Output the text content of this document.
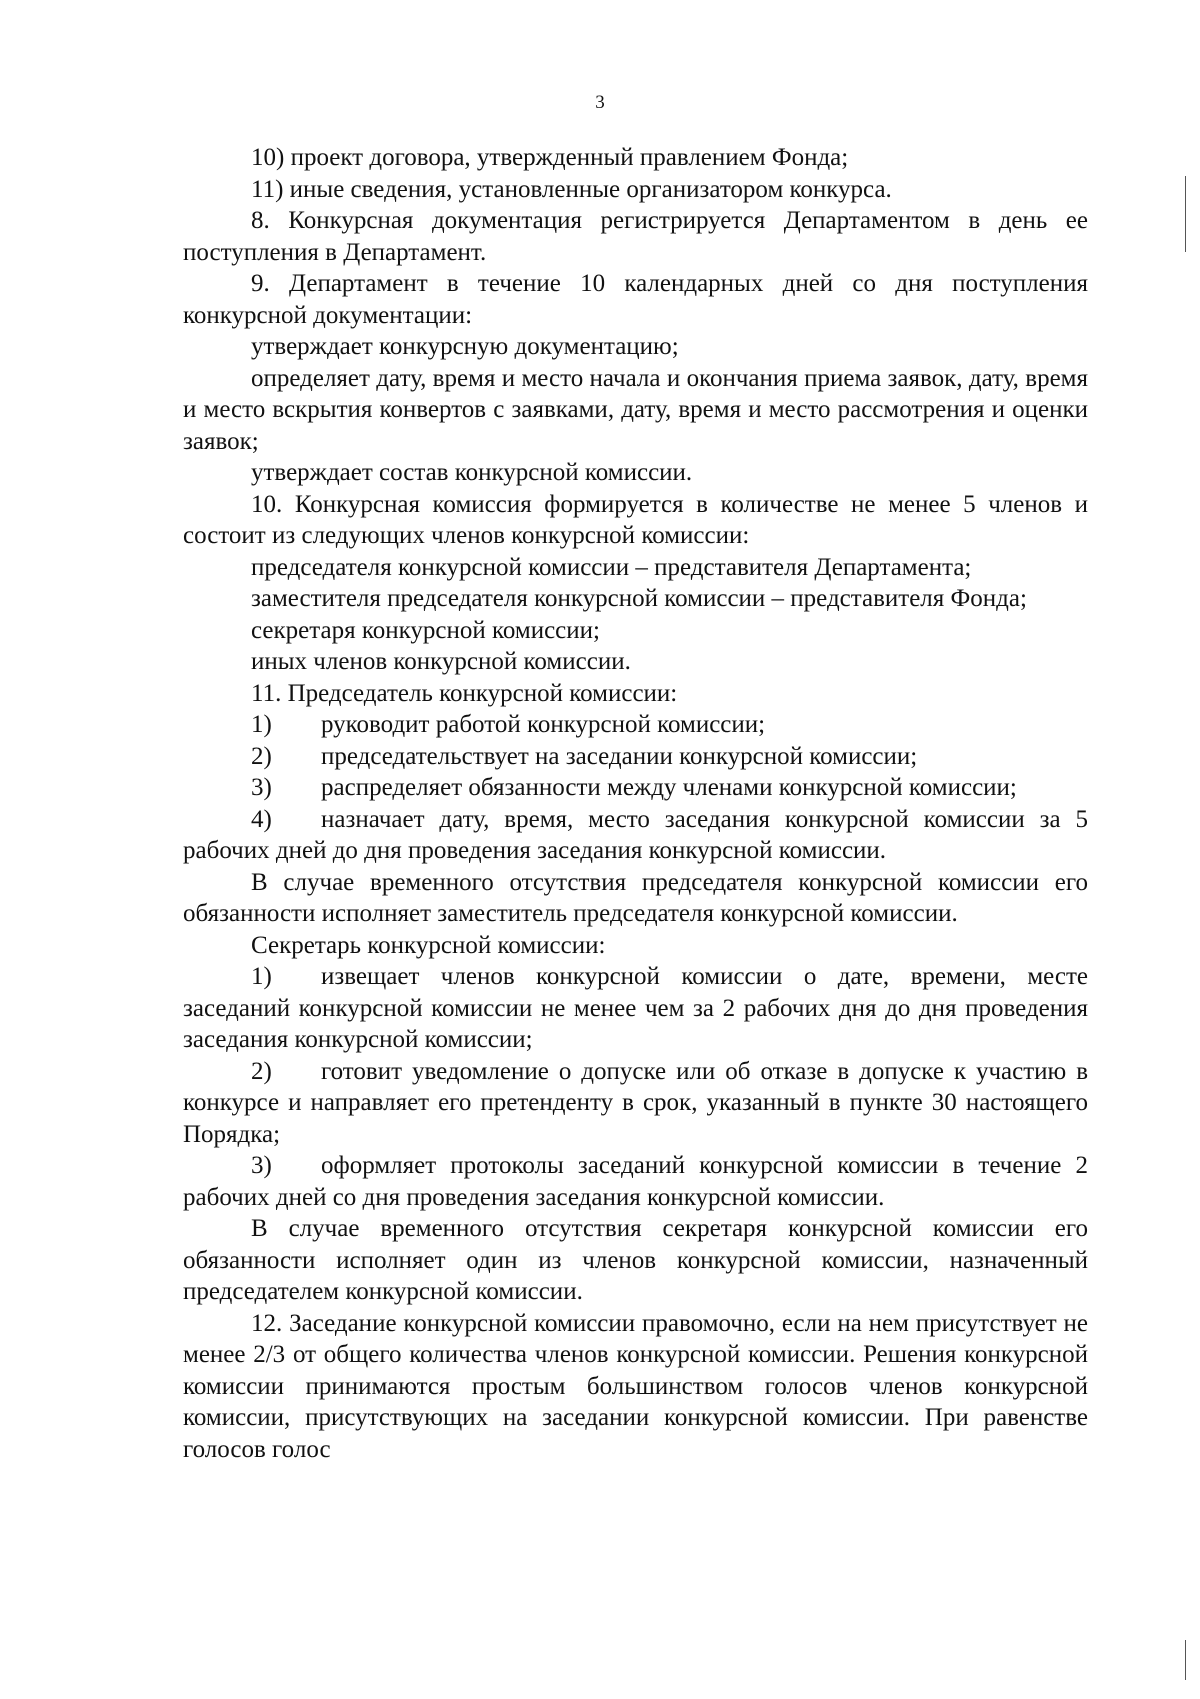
3

10) проект договора, утвержденный правлением Фонда;

11) иные сведения, установленные организатором конкурса.

8. Конкурсная документация регистрируется Департаментом в день ее поступления в Департамент.

9. Департамент в течение 10 календарных дней со дня поступления конкурсной документации:

утверждает конкурсную документацию;

определяет дату, время и место начала и окончания приема заявок, дату, время и место вскрытия конвертов с заявками, дату, время и место рассмотрения и оценки заявок;

утверждает состав конкурсной комиссии.

10. Конкурсная комиссия формируется в количестве не менее 5 членов и состоит из следующих членов конкурсной комиссии:

председателя конкурсной комиссии – представителя Департамента;

заместителя председателя конкурсной комиссии – представителя Фонда;

секретаря конкурсной комиссии;

иных членов конкурсной комиссии.

11. Председатель конкурсной комиссии:

1) руководит работой конкурсной комиссии;

2) председательствует на заседании конкурсной комиссии;

3) распределяет обязанности между членами конкурсной комиссии;

4) назначает дату, время, место заседания конкурсной комиссии за 5 рабочих дней до дня проведения заседания конкурсной комиссии.

В случае временного отсутствия председателя конкурсной комиссии его обязанности исполняет заместитель председателя конкурсной комиссии.

Секретарь конкурсной комиссии:

1) извещает членов конкурсной комиссии о дате, времени, месте заседаний конкурсной комиссии не менее чем за 2 рабочих дня до дня проведения заседания конкурсной комиссии;

2) готовит уведомление о допуске или об отказе в допуске к участию в конкурсе и направляет его претенденту в срок, указанный в пункте 30 настоящего Порядка;

3) оформляет протоколы заседаний конкурсной комиссии в течение 2 рабочих дней со дня проведения заседания конкурсной комиссии.

В случае временного отсутствия секретаря конкурсной комиссии его обязанности исполняет один из членов конкурсной комиссии, назначенный председателем конкурсной комиссии.

12. Заседание конкурсной комиссии правомочно, если на нем присутствует не менее 2/3 от общего количества членов конкурсной комиссии. Решения конкурсной комиссии принимаются простым большинством голосов членов конкурсной комиссии, присутствующих на заседании конкурсной комиссии. При равенстве голосов голос
